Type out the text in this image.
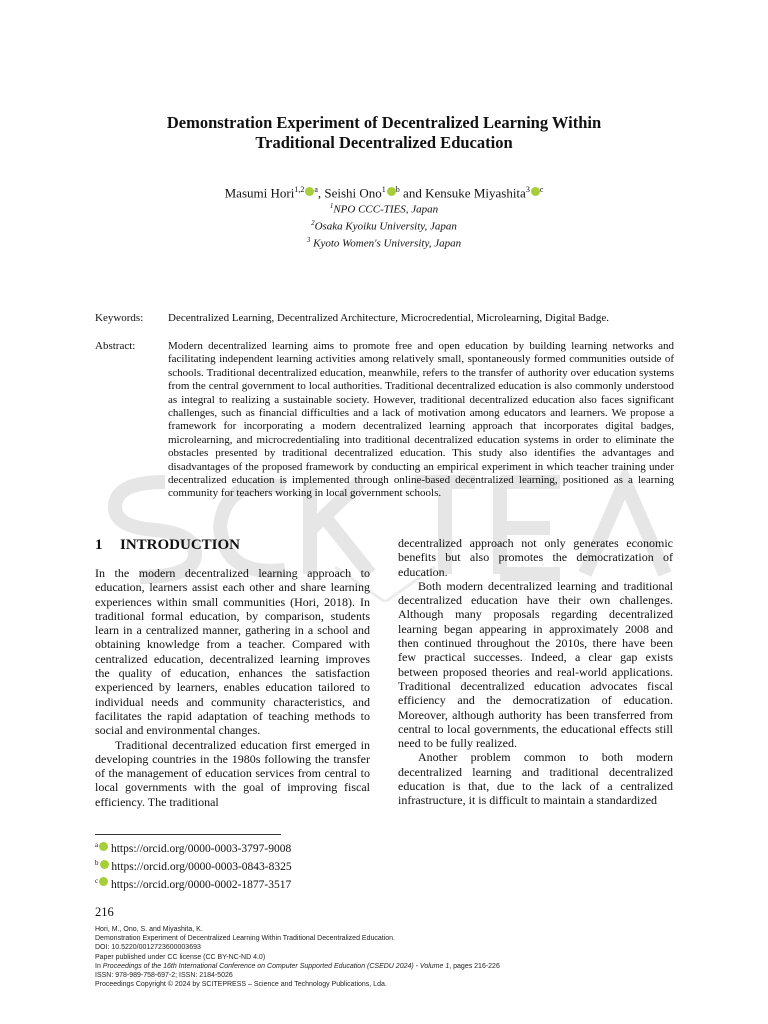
Demonstration Experiment of Decentralized Learning Within
Traditional Decentralized Education
Masumi Hori$^{1,2}$ $^a$, Seishi Ono$^1$ $^b$ and Kensuke Miyashita$^3$ $^c$
$^1$NPO CCC-TIES, Japan
$^2$Osaka Kyoiku University, Japan
$^3$ Kyoto Women's University, Japan
Keywords: Decentralized Learning, Decentralized Architecture, Microcredential, Microlearning, Digital Badge.
Abstract:	Modern decentralized learning aims to promote free and open education by building learning networks and facilitating independent learning activities among relatively small, spontaneously formed communities outside of schools. Traditional decentralized education, meanwhile, refers to the transfer of authority over education systems from the central government to local authorities. Traditional decentralized education is also commonly understood as integral to realizing a sustainable society. However, traditional decentralized education also faces significant challenges, such as financial difficulties and a lack of motivation among educators and learners. We propose a framework for incorporating a modern decentralized learning approach that incorporates digital badges, microlearning, and microcredentialing into traditional decentralized education systems in order to eliminate the obstacles presented by traditional decentralized education. This study also identifies the advantages and disadvantages of the proposed framework by conducting an empirical experiment in which teacher training under decentralized education is implemented through online-based decentralized learning, positioned as a learning community for teachers working in local government schools.
1 INTRODUCTION

In the modern decentralized learning approach to education, learners assist each other and share learning experiences within small communities (Hori, 2018). In traditional formal education, by comparison, students learn in a centralized manner, gathering in a school and obtaining knowledge from a teacher. Compared with centralized education, decentralized learning improves the quality of education, enhances the satisfaction experienced by learners, enables education tailored to individual needs and community characteristics, and facilitates the rapid adaptation of teaching methods to social and environmental changes.

Traditional decentralized education first emerged in developing countries in the 1980s following the transfer of the management of education services from central to local governments with the goal of improving fiscal efficiency. The traditional

decentralized approach not only generates economic benefits but also promotes the democratization of education.

Both modern decentralized learning and traditional decentralized education have their own challenges. Although many proposals regarding decentralized learning began appearing in approximately 2008 and then continued throughout the 2010s, there have been few practical successes. Indeed, a clear gap exists between proposed theories and real-world applications. Traditional decentralized education advocates fiscal efficiency and the democratization of education. Moreover, although authority has been transferred from central to local governments, the educational effects still need to be fully realized.

Another problem common to both modern decentralized learning and traditional decentralized education is that, due to the lack of a centralized infrastructure, it is difficult to maintain a standardized

$^a$ https://orcid.org/0000-0003-3797-9008
$^b$ https://orcid.org/0000-0003-0843-8325
$^c$ https://orcid.org/0000-0002-1877-3517
216
Hori, M., Ono, S. and Miyashita, K.
Demonstration Experiment of Decentralized Learning Within Traditional Decentralized Education.
DOI: 10.5220/0012723600003693
Paper published under CC license (CC BY-NC-ND 4.0)
In Proceedings of the 16th International Conference on Computer Supported Education (CSEDU 2024) - Volume 1, pages 216-226
ISSN: 978-989-758-697-2; ISSN: 2184-5026
Proceedings Copyright © 2024 by SCITEPRESS – Science and Technology Publications, Lda.
